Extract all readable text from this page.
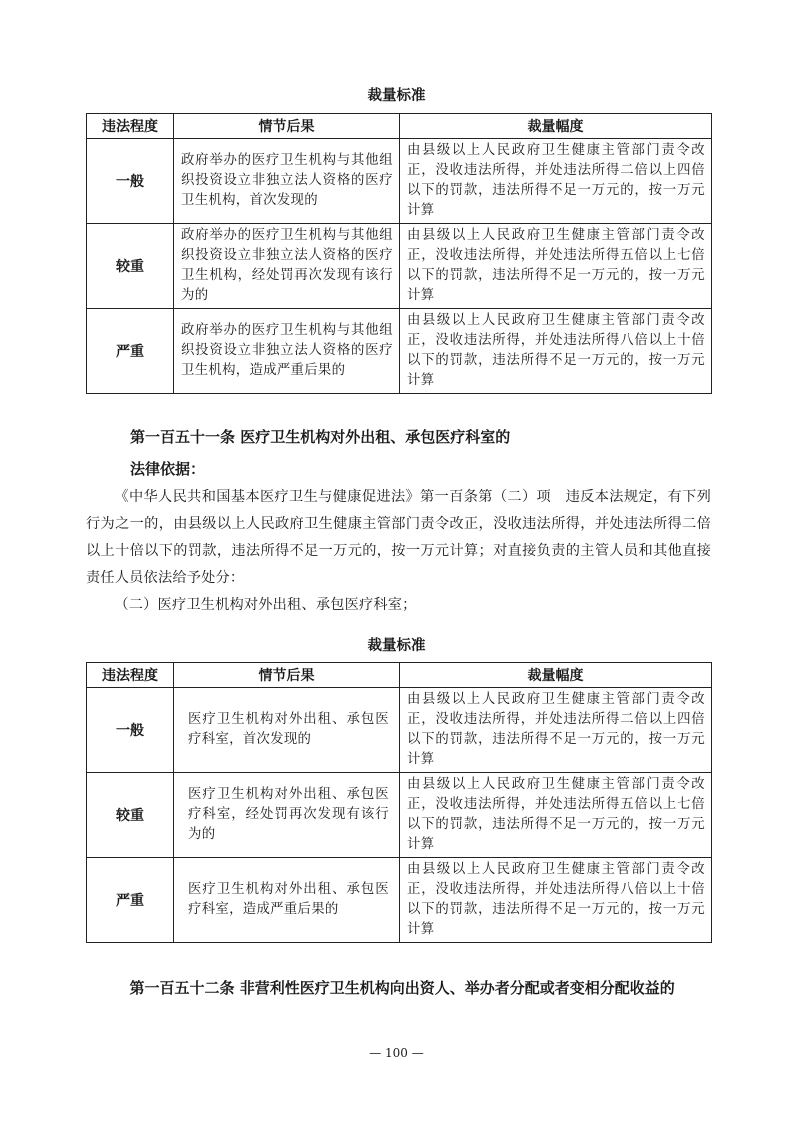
裁量标准
违法程度	情节后果	裁量幅度
一般	政府举办的医疗卫生机构与其他组织投资设立非独立法人资格的医疗卫生机构，首次发现的	由县级以上人民政府卫生健康主管部门责令改正，没收违法所得，并处违法所得二倍以上四倍以下的罚款，违法所得不足一万元的，按一万元计算
较重	政府举办的医疗卫生机构与其他组织投资设立非独立法人资格的医疗卫生机构，经处罚再次发现有该行为的	由县级以上人民政府卫生健康主管部门责令改正，没收违法所得，并处违法所得五倍以上七倍以下的罚款，违法所得不足一万元的，按一万元计算
严重	政府举办的医疗卫生机构与其他组织投资设立非独立法人资格的医疗卫生机构，造成严重后果的	由县级以上人民政府卫生健康主管部门责令改正，没收违法所得，并处违法所得八倍以上十倍以下的罚款，违法所得不足一万元的，按一万元计算
第一百五十一条 医疗卫生机构对外出租、承包医疗科室的
法律依据：
《中华人民共和国基本医疗卫生与健康促进法》第一百条第（二）项　违反本法规定，有下列行为之一的，由县级以上人民政府卫生健康主管部门责令改正，没收违法所得，并处违法所得二倍以上十倍以下的罚款，违法所得不足一万元的，按一万元计算；对直接负责的主管人员和其他直接责任人员依法给予处分：
（二）医疗卫生机构对外出租、承包医疗科室；
裁量标准
违法程度	情节后果	裁量幅度
一般	医疗卫生机构对外出租、承包医疗科室，首次发现的	由县级以上人民政府卫生健康主管部门责令改正，没收违法所得，并处违法所得二倍以上四倍以下的罚款，违法所得不足一万元的，按一万元计算
较重	医疗卫生机构对外出租、承包医疗科室，经处罚再次发现有该行为的	由县级以上人民政府卫生健康主管部门责令改正，没收违法所得，并处违法所得五倍以上七倍以下的罚款，违法所得不足一万元的，按一万元计算
严重	医疗卫生机构对外出租、承包医疗科室，造成严重后果的	由县级以上人民政府卫生健康主管部门责令改正，没收违法所得，并处违法所得八倍以上十倍以下的罚款，违法所得不足一万元的，按一万元计算
第一百五十二条 非营利性医疗卫生机构向出资人、举办者分配或者变相分配收益的
— 100 —
